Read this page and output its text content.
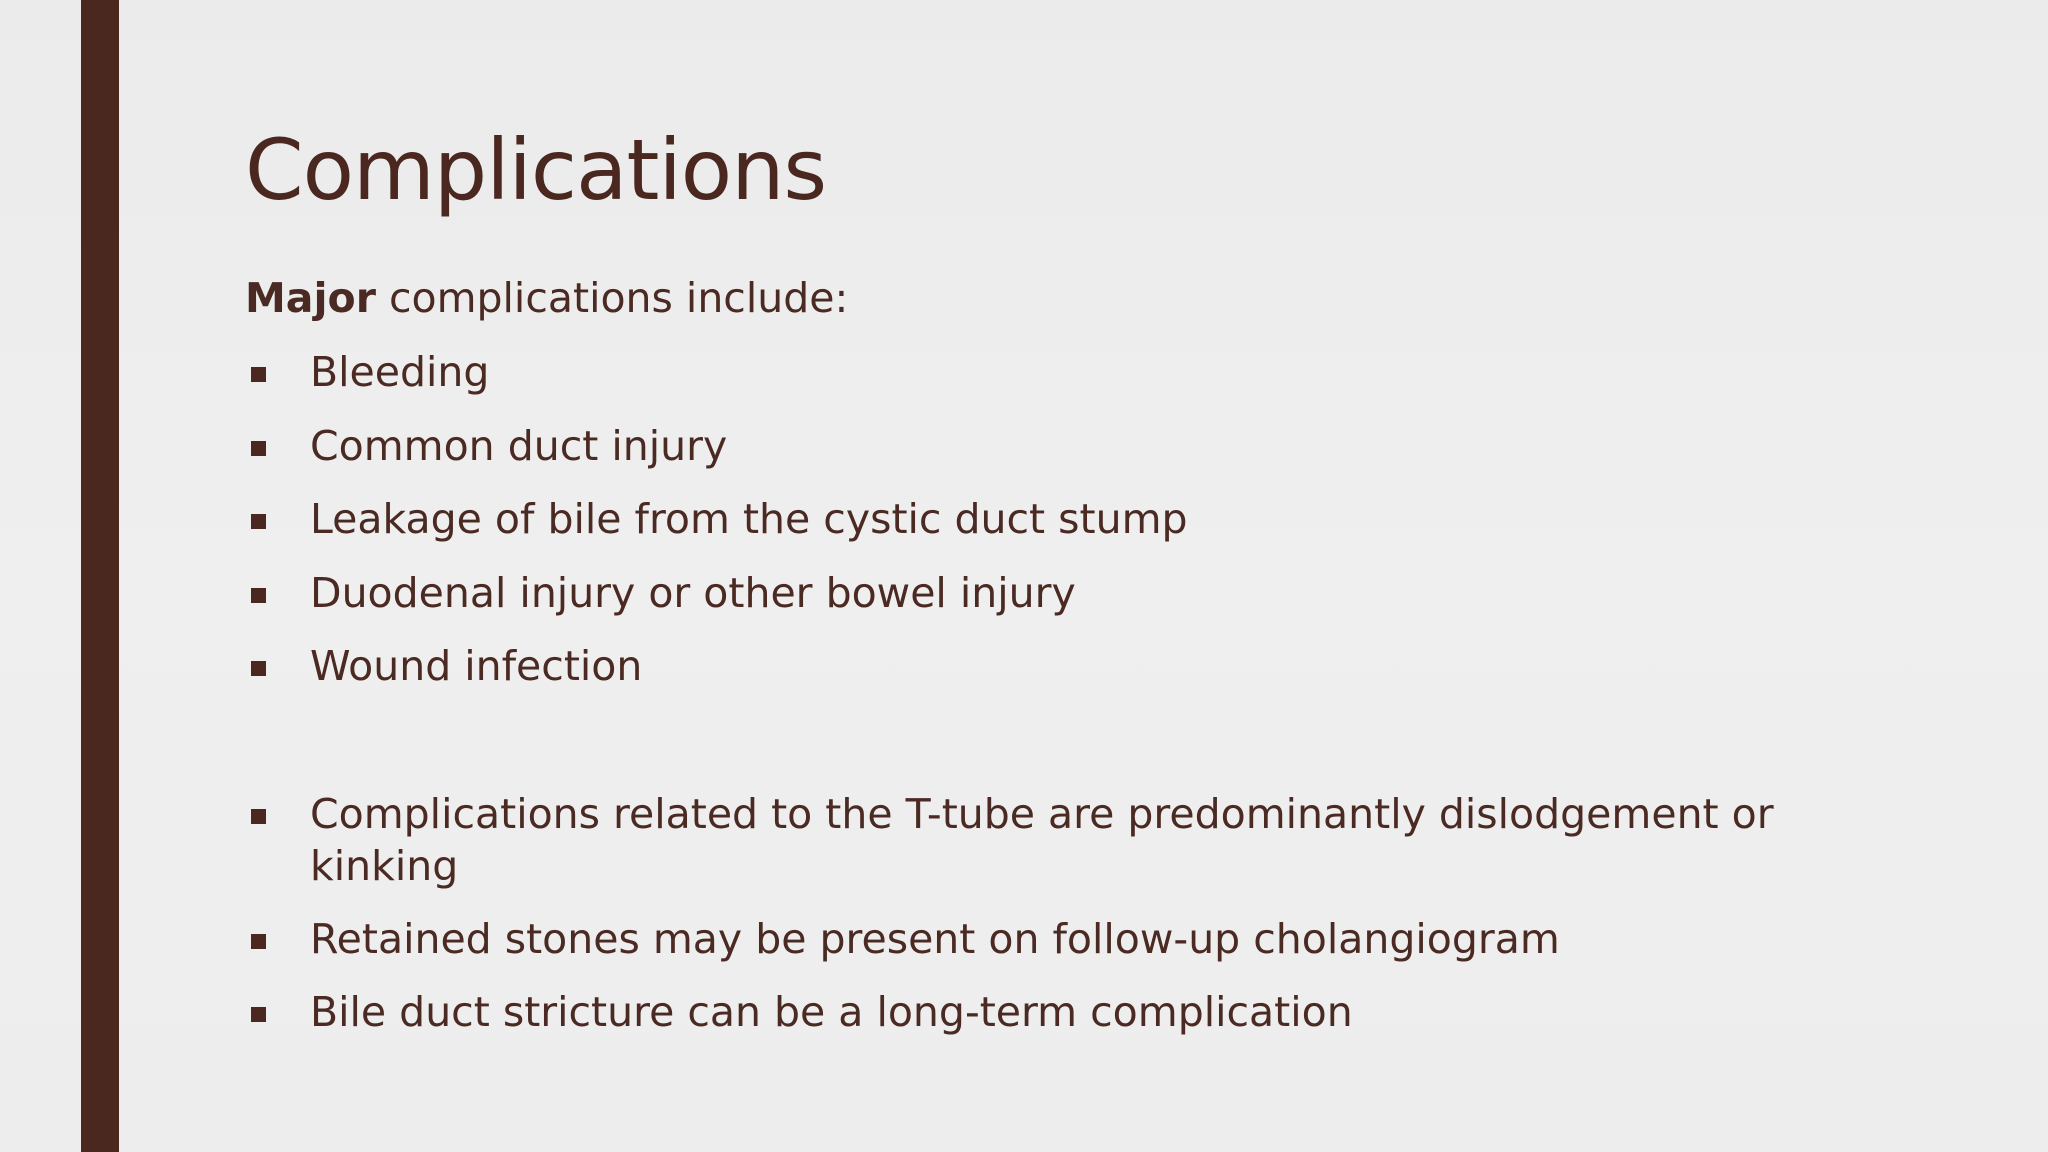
Complications
Major complications include:
Bleeding
Common duct injury
Leakage of bile from the cystic duct stump
Duodenal injury or other bowel injury
Wound infection
Complications related to the T-tube are predominantly dislodgement or kinking
Retained stones may be present on follow-up cholangiogram
Bile duct stricture can be a long-term complication
